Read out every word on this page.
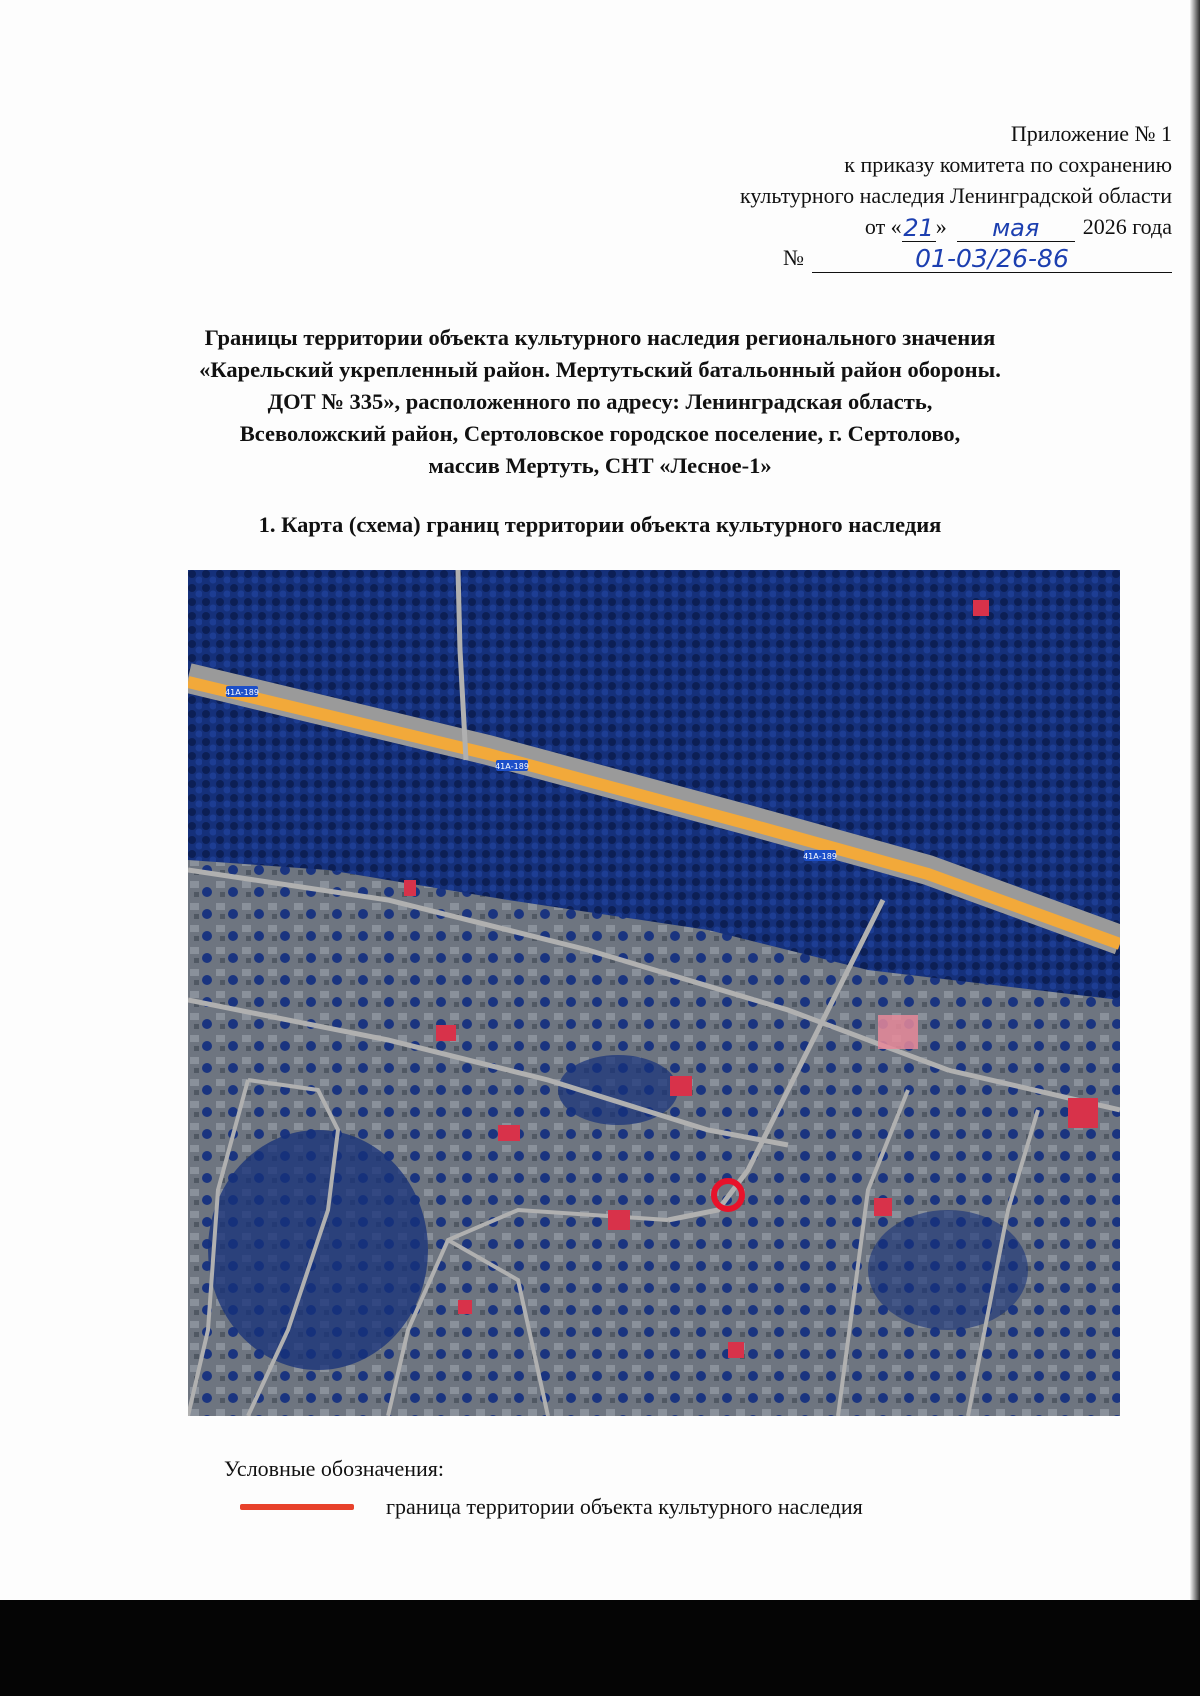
Приложение № 1
к приказу комитета по сохранению
культурного наследия Ленинградской области
от « 21 »	мая	2026 года
№	01-03/26-86
Границы территории объекта культурного наследия регионального значения
«Карельский укрепленный район. Мертутьский батальонный район обороны.
ДОТ № 335», расположенного по адресу: Ленинградская область,
Всеволожский район, Сертоловское городское поселение, г. Сертолово,
массив Мертуть, СНТ «Лесное-1»
1. Карта (схема) границ территории объекта культурного наследия
41А-189
41А-189
41А-189
Условные обозначения:
граница территории объекта культурного наследия
